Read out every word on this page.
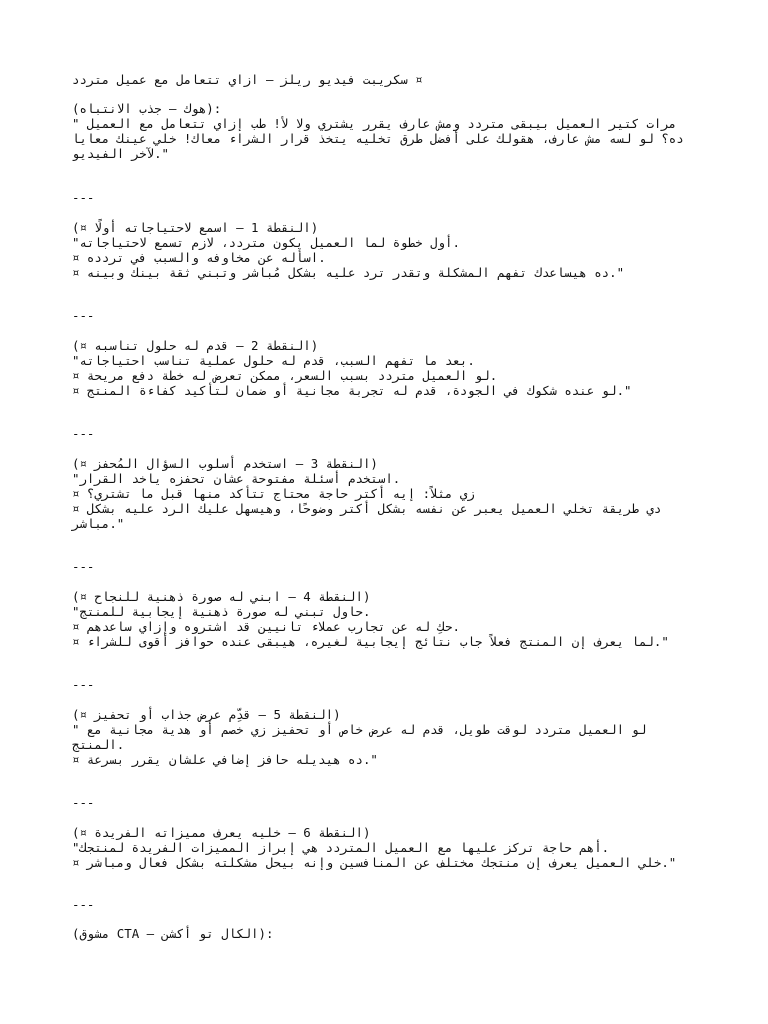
سكريبت فيديو ريلز – ازاي تتعامل مع عميل متردد ¤
(هوك – جذب الانتباه):
" مرات كتير العميل بيبقى متردد ومش عارف يقرر يشتري ولا لأ! طب إزاي تتعامل مع العميل
ده؟ لو لسه مش عارف، هقولك على أفضل طرق تخليه يتخذ قرار الشراء معاك! خلي عينك معايا
لآخر الفيديو."
---
(¤ النقطة 1 – اسمع لاحتياجاته أولًا)
"أول خطوة لما العميل يكون متردد، لازم تسمع لاحتياجاته.
¤ اسأله عن مخاوفه والسبب في تردده.
¤ ده هيساعدك تفهم المشكلة وتقدر ترد عليه بشكل مُباشر وتبني ثقة بينك وبينه."
---
(¤ النقطة 2 – قدم له حلول تناسبه)
"بعد ما تفهم السبب، قدم له حلول عملية تناسب احتياجاته.
¤ لو العميل متردد بسبب السعر، ممكن تعرض له خطة دفع مريحة.
¤ لو عنده شكوك في الجودة، قدم له تجربة مجانية أو ضمان لتأكيد كفاءة المنتج."
---
(¤ النقطة 3 – استخدم أسلوب السؤال المُحفز)
"استخدم أسئلة مفتوحة عشان تحفزه ياخد القرار.
¤ زي مثلاً: إيه أكتر حاجة محتاج تتأكد منها قبل ما تشتري؟
¤ دي طريقة تخلي العميل يعبر عن نفسه بشكل أكتر وضوحًا، وهيسهل عليك الرد عليه بشكل
مباشر."
---
(¤ النقطة 4 – ابني له صورة ذهنية للنجاح)
"حاول تبني له صورة ذهنية إيجابية للمنتج.
¤ حكِ له عن تجارب عملاء تانيين قد اشتروه وإزاي ساعدهم.
¤ لما يعرف إن المنتج فعلاً جاب نتائج إيجابية لغيره، هيبقى عنده حوافز أقوى للشراء."
---
(¤ النقطة 5 – قدِّم عرض جذاب أو تحفيز)
" لو العميل متردد لوقت طويل، قدم له عرض خاص أو تحفيز زي خصم أو هدية مجانية مع
المنتج.
¤ ده هيديله حافز إضافي علشان يقرر بسرعة."
---
(¤ النقطة 6 – خليه يعرف مميزاته الفريدة)
"أهم حاجة تركز عليها مع العميل المتردد هي إبراز المميزات الفريدة لمنتجك.
¤ خلي العميل يعرف إن منتجك مختلف عن المنافسين وإنه بيحل مشكلته بشكل فعال ومباشر."
---
(مشوق CTA – الكال تو أكشن):
